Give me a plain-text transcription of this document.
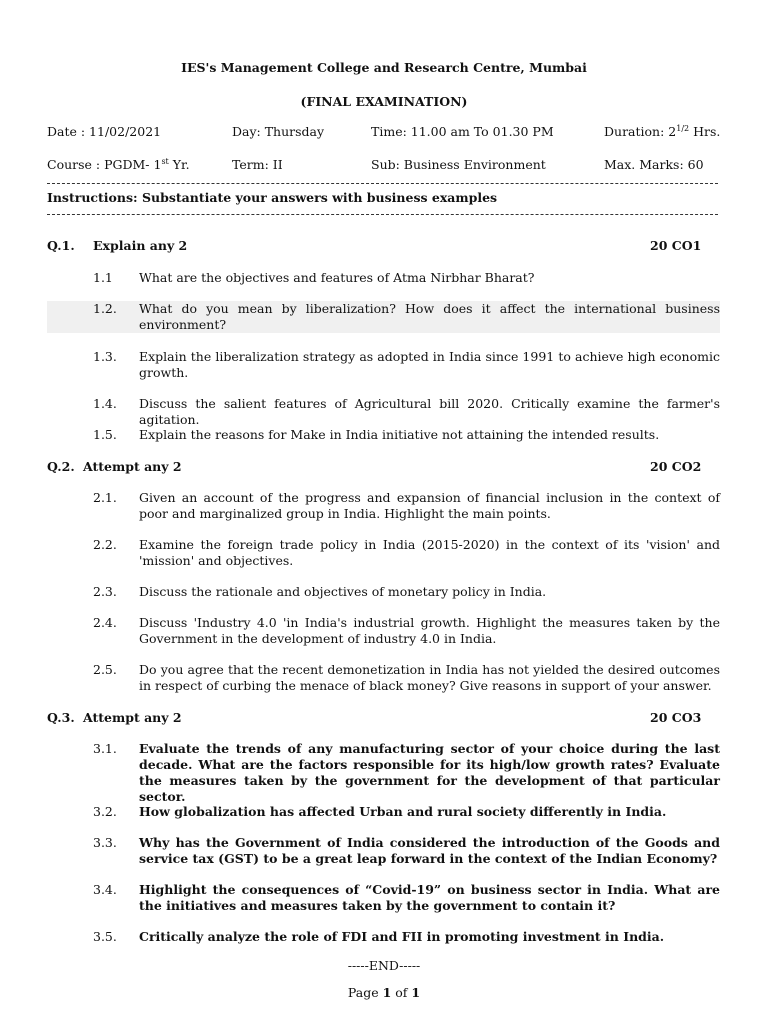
IES's Management College and Research Centre, Mumbai
(FINAL EXAMINATION)
Date : 11/02/2021	Day: Thursday	Time: 11.00 am To 01.30 PM	Duration: $2^{1/2}$ Hrs.
Course : PGDM- 1st Yr.	Term: II	Sub: Business Environment	Max. Marks: 60
Instructions: Substantiate your answers with business examples
Q.1. Explain any 2	20 CO1
1.1	What are the objectives and features of Atma Nirbhar Bharat?
1.2.	What do you mean by liberalization? How does it affect the international business environment?
1.3.	Explain the liberalization strategy as adopted in India since 1991 to achieve high economic growth.
1.4.	Discuss the salient features of Agricultural bill 2020. Critically examine the farmer's agitation.
1.5.	Explain the reasons for Make in India initiative not attaining the intended results.
Q.2. Attempt any 2	20 CO2
2.1.	Given an account of the progress and expansion of financial inclusion in the context of poor and marginalized group in India. Highlight the main points.
2.2.	Examine the foreign trade policy in India (2015-2020) in the context of its 'vision' and 'mission' and objectives.
2.3.	Discuss the rationale and objectives of monetary policy in India.
2.4.	Discuss 'Industry 4.0 'in India's industrial growth. Highlight the measures taken by the Government in the development of industry 4.0 in India.
2.5.	Do you agree that the recent demonetization in India has not yielded the desired outcomes in respect of curbing the menace of black money? Give reasons in support of your answer.
Q.3. Attempt any 2	20 CO3
3.1.	Evaluate the trends of any manufacturing sector of your choice during the last decade. What are the factors responsible for its high/low growth rates? Evaluate the measures taken by the government for the development of that particular sector.
3.2.	How globalization has affected Urban and rural society differently in India.
3.3.	Why has the Government of India considered the introduction of the Goods and service tax (GST) to be a great leap forward in the context of the Indian Economy?
3.4.	Highlight the consequences of “Covid-19” on business sector in India. What are the initiatives and measures taken by the government to contain it?
3.5.	Critically analyze the role of FDI and FII in promoting investment in India.
-----END-----
Page 1 of 1
